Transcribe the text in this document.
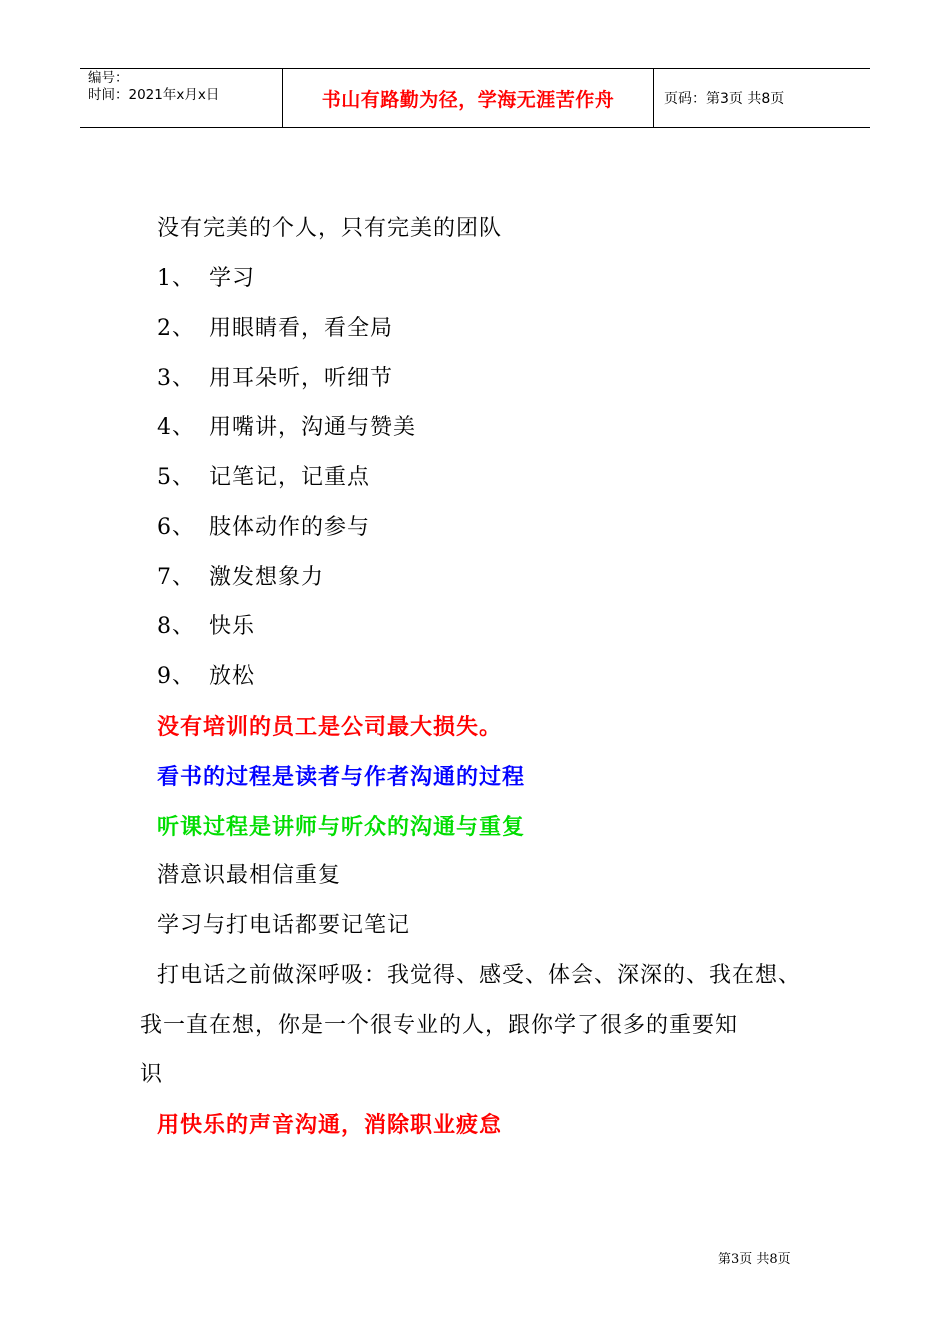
编号：
时间：2021年x月x日	书山有路勤为径，学海无涯苦作舟	页码：第3页 共8页
没有完美的个人，只有完美的团队
1、 学习
2、 用眼睛看，看全局
3、 用耳朵听，听细节
4、 用嘴讲，沟通与赞美
5、 记笔记，记重点
6、 肢体动作的参与
7、 激发想象力
8、 快乐
9、 放松
没有培训的员工是公司最大损失。
看书的过程是读者与作者沟通的过程
听课过程是讲师与听众的沟通与重复
潜意识最相信重复
学习与打电话都要记笔记
打电话之前做深呼吸：我觉得、感受、体会、深深的、我在想、
我一直在想，你是一个很专业的人，跟你学了很多的重要知
识
用快乐的声音沟通，消除职业疲怠
第3页 共8页
